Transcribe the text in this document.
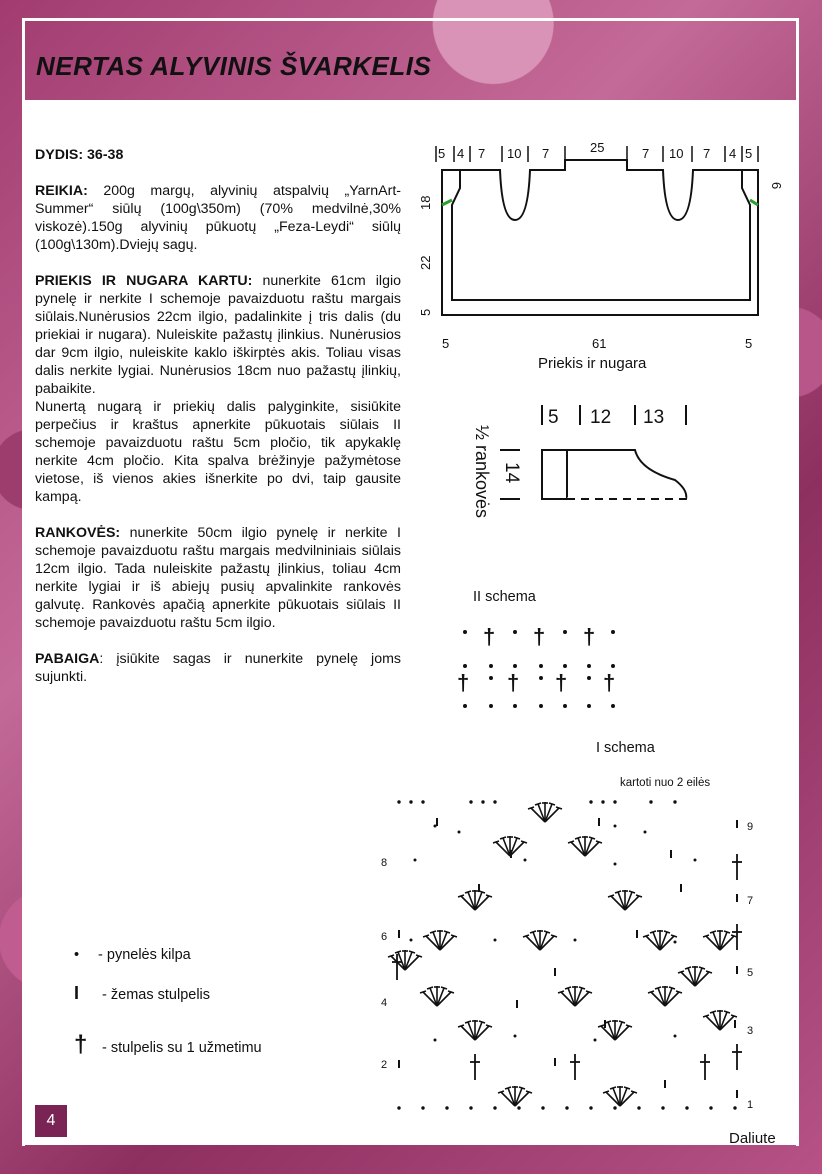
NERTAS ALYVINIS ŠVARKELIS

DYDIS: 36-38

REIKIA: 200g margų, alyvinių atspalvių „YarnArt-Summer“ siūlų (100g\350m) (70% medvilnė,30% viskozė).150g alyvinių pūkuotų „Feza-Leydi“ siūlų (100g\130m).Dviejų sagų.

PRIEKIS IR NUGARA KARTU: nunerkite 61cm ilgio pynelę ir nerkite I schemoje pavaizduotu raštu margais siūlais.Nunėrusios 22cm ilgio, padalinkite į tris dalis (du priekiai ir nugara). Nuleiskite pažastų įlinkius. Nunėrusios dar 9cm ilgio, nuleiskite kaklo iškirptės akis. Toliau visas dalis nerkite lygiai. Nunėrusios 18cm nuo pažastų įlinkių, pabaikite.

Nunertą nugarą ir priekių dalis palyginkite, sisiūkite perpečius ir kraštus apnerkite pūkuotais siūlais II schemoje pavaizduotu raštu 5cm pločio, tik apykaklę nerkite 4cm pločio. Kita spalva brėžinyje pažymėtose vietose, iš vienos akies išnerkite po dvi, taip gausite kampą.

RANKOVĖS: nunerkite 50cm ilgio pynelę ir nerkite I schemoje pavaizduotu raštu margais medvilniniais siūlais 12cm ilgio. Tada nuleiskite pažastų įlinkius, toliau 4cm nerkite lygiai ir iš abiejų pusių apvalinkite rankovės galvutę. Rankovės apačią apnerkite pūkuotais siūlais II schemoje pavaizduotu raštu 5cm ilgio.

PABAIGA: įsiūkite sagas ir nunerkite pynelę joms sujunkti.

5 4 7 10 7	25	7 10 7 4 5
18
22
5
6
5	61	5
Priekis ir nugara
5 12 13
14
½ rankovės
II schema
† † †
† † † †
I schema
kartoti nuo 2 eilės
9
7
5
3
1
8
6
4
2
• - pynelės kilpa
I - žemas stulpelis
† - stulpelis su 1 užmetimu
4
Daliute
